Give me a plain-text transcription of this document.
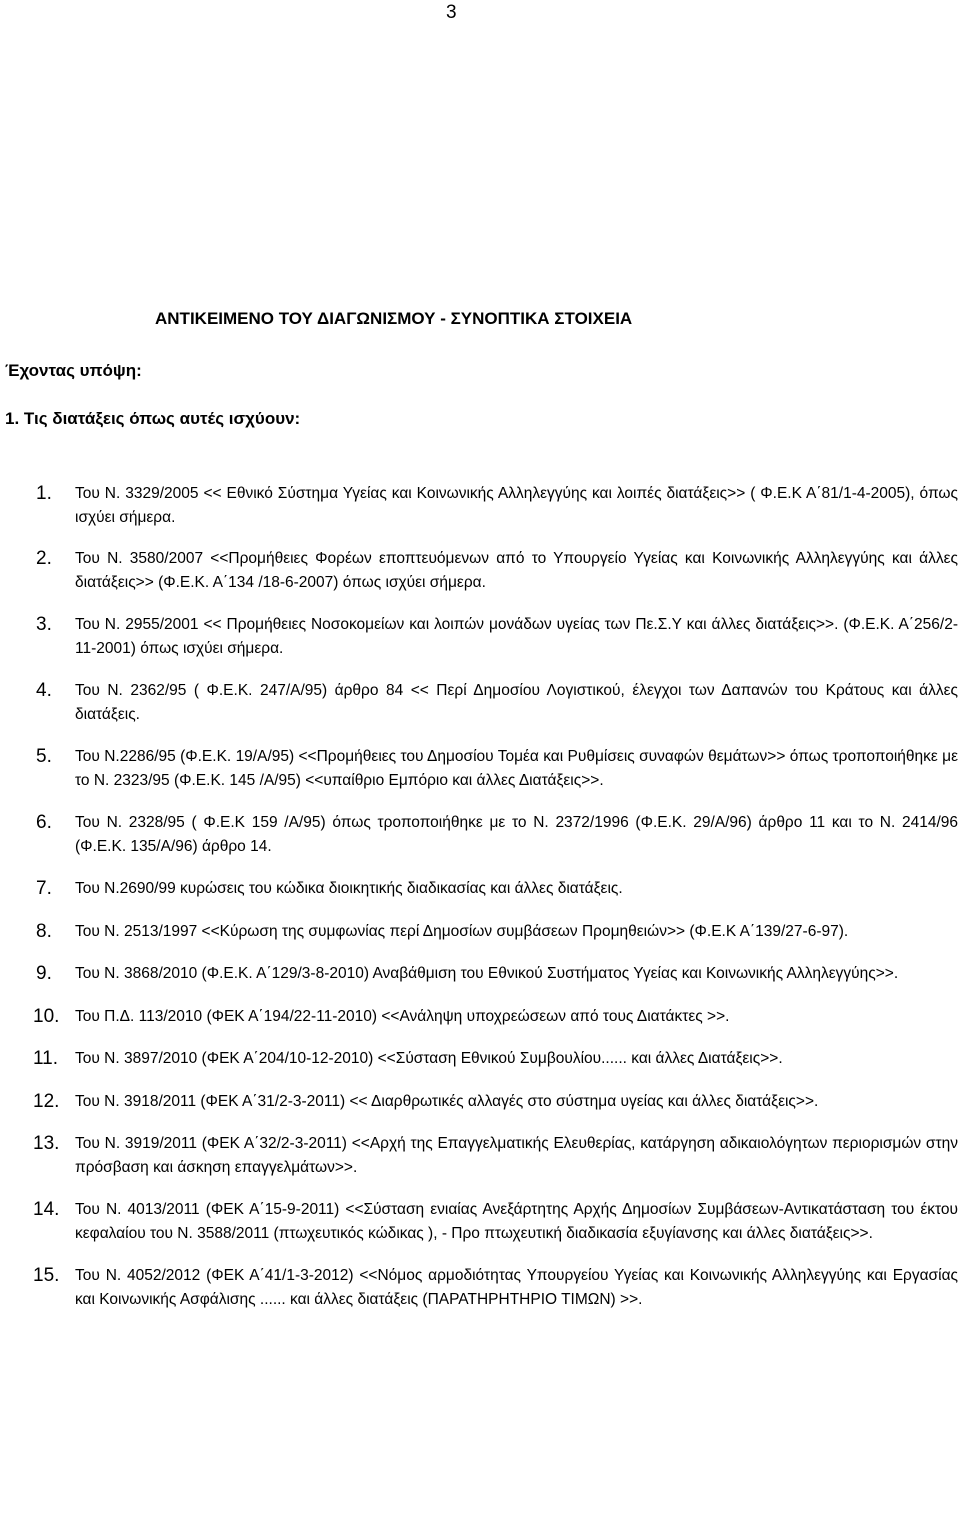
3
ΑΝΤΙΚΕΙΜΕΝΟ ΤΟΥ ΔΙΑΓΩΝΙΣΜΟΥ - ΣΥΝΟΠΤΙΚΑ ΣΤΟΙΧΕΙΑ
Έχοντας υπόψη:
1. Τις διατάξεις όπως αυτές ισχύουν:
1. Του Ν. 3329/2005 << Εθνικό Σύστημα Υγείας και Κοινωνικής Αλληλεγγύης και λοιπές διατάξεις>> ( Φ.Ε.Κ Α΄81/1-4-2005), όπως ισχύει σήμερα.
2. Του Ν. 3580/2007 <<Προμήθειες Φορέων εποπτευόμενων από το Υπουργείο Υγείας και Κοινωνικής Αλληλεγγύης και άλλες διατάξεις>> (Φ.Ε.Κ. Α΄134 /18-6-2007) όπως ισχύει σήμερα.
3. Του Ν. 2955/2001 << Προμήθειες Νοσοκομείων και λοιπών μονάδων υγείας των Πε.Σ.Υ και άλλες διατάξεις>>. (Φ.Ε.Κ. Α΄256/2-11-2001) όπως ισχύει σήμερα.
4. Του Ν. 2362/95 ( Φ.Ε.Κ. 247/Α/95) άρθρο 84 << Περί Δημοσίου Λογιστικού, έλεγχοι των Δαπανών του Κράτους και άλλες διατάξεις.
5. Του Ν.2286/95 (Φ.Ε.Κ. 19/Α/95) <<Προμήθειες του Δημοσίου Τομέα και Ρυθμίσεις συναφών θεμάτων>> όπως τροποποιήθηκε με το Ν. 2323/95 (Φ.Ε.Κ. 145 /Α/95) <<υπαίθριο Εμπόριο και άλλες Διατάξεις>>.
6. Του Ν. 2328/95 ( Φ.Ε.Κ 159 /Α/95) όπως τροποποιήθηκε με το Ν. 2372/1996 (Φ.Ε.Κ. 29/Α/96) άρθρο 11 και το Ν. 2414/96 (Φ.Ε.Κ. 135/Α/96) άρθρο 14.
7. Του Ν.2690/99 κυρώσεις του κώδικα διοικητικής διαδικασίας και άλλες διατάξεις.
8. Του Ν. 2513/1997 <<Κύρωση της συμφωνίας περί Δημοσίων συμβάσεων Προμηθειών>> (Φ.Ε.Κ Α΄139/27-6-97).
9. Του Ν. 3868/2010 (Φ.Ε.Κ. Α΄129/3-8-2010) Αναβάθμιση του Εθνικού Συστήματος Υγείας και Κοινωνικής Αλληλεγγύης>>.
10. Του Π.Δ. 113/2010 (ΦΕΚ Α΄194/22-11-2010) <<Ανάληψη υποχρεώσεων από τους Διατάκτες >>.
11. Του Ν. 3897/2010 (ΦΕΚ Α΄204/10-12-2010) <<Σύσταση Εθνικού Συμβουλίου...... και άλλες Διατάξεις>>.
12. Του Ν. 3918/2011 (ΦΕΚ Α΄31/2-3-2011) << Διαρθρωτικές αλλαγές στο σύστημα υγείας και άλλες διατάξεις>>.
13. Του Ν. 3919/2011 (ΦΕΚ Α΄32/2-3-2011) <<Αρχή της Επαγγελματικής Ελευθερίας, κατάργηση αδικαιολόγητων περιορισμών στην πρόσβαση και άσκηση επαγγελμάτων>>.
14. Του Ν. 4013/2011 (ΦΕΚ Α΄15-9-2011) <<Σύσταση ενιαίας Ανεξάρτητης Αρχής Δημοσίων Συμβάσεων-Αντικατάσταση του έκτου κεφαλαίου του Ν. 3588/2011 (πτωχευτικός κώδικας ), - Προ πτωχευτική διαδικασία εξυγίανσης και άλλες διατάξεις>>.
15. Του Ν. 4052/2012 (ΦΕΚ Α΄41/1-3-2012) <<Νόμος αρμοδιότητας Υπουργείου Υγείας και Κοινωνικής Αλληλεγγύης και Εργασίας και Κοινωνικής Ασφάλισης ...... και άλλες διατάξεις (ΠΑΡΑΤΗΡΗΤΗΡΙΟ ΤΙΜΩΝ) >>.
